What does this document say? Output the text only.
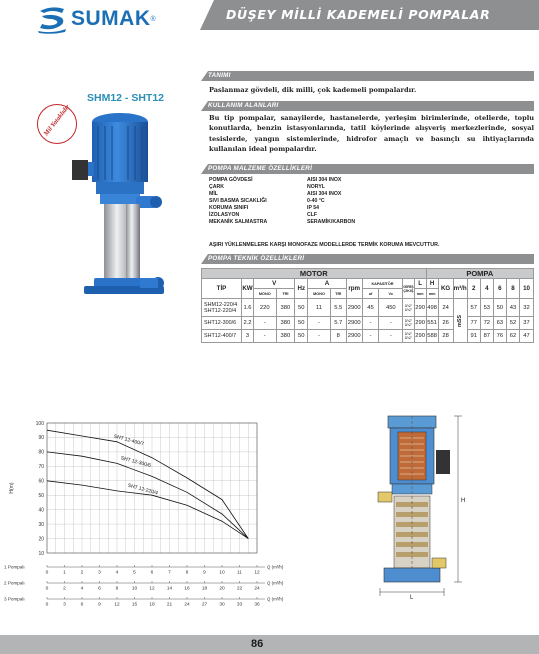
SUMAK ®	DÜŞEY MİLLİ KADEMELİ POMPALAR
SHM12 - SHT12
Mil Yataklıdır
TANIMI
Paslanmaz gövdeli, dik milli, çok kademeli pompalardır.
KULLANIM ALANLARI
Bu tip pompalar, sanayilerde, hastanelerde, yerleşim birimlerinde, otellerde, toplu konutlarda, benzin istasyonlarında, tatil köylerinde alışveriş merkezlerinde, sosyal tesislerde, yangın sistemlerinde, hidrofor amaçlı ve basınçlı su ihtiyaçlarında kullanılan ideal pompalardır.
POMPA MALZEME ÖZELLİKLERİ
POMPA GÖVDESİ	AISI 304 INOX
ÇARK	NORYL
MİL	AISI 304 INOX
SIVI BASMA SICAKLIĞI	0-40 °C
KORUMA SINIFI	IP 54
İZOLASYON	CLF
MEKANİK SALMASTRA	SERAMİK/KARBON
AŞIRI YÜKLENMELERE KARŞI MONOFAZE MODELLERDE TERMİK KORUMA MEVCUTTUR.
POMPA TEKNİK ÖZELLİKLERİ
MOTOR												POMPA							
TİP	KW	V		Hz	A		rpm	KAPASİTÖR		GİRİŞ ÇIKIŞ	L	H	KG	m³/h	2	4	6	8	10
		MONO	TRİ		MONO	TRİ		uf	Vc		mm	mm							
SHM12-220/4
SHT12-220/4	1.6	220	380	50	11	5.5	2900	45	450	1¼" 1¼"	290	498	24	mSS	57	53	50	43	32
SHT12-300/6	2.2	-	380	50	-	5.7	2900	-	-	1¼" 1¼"	290	551	26		77	72	63	52	37
SHT12-400/7	3	-	380	50	-	8	2900	-	-	1¼" 1¼"	290	588	28		91	87	76	62	47
10
20
30
40
50
60
70
80
90
100
H(m)
SHT 12-400/7
SHT 12-300/6
SHT 12-220/4
1 Pompalı
0	1	2	3	4	5	6	7	8	9	10	11	12
Q (m³/h)
2 Pompalı
0	2	4	6	8	10	12	14	16	18	20	22	24
Q (m³/h)
3 Pompalı
0	3	6	9	12	15	18	21	24	27	30	33	36
Q (m³/h)
H
L
86
